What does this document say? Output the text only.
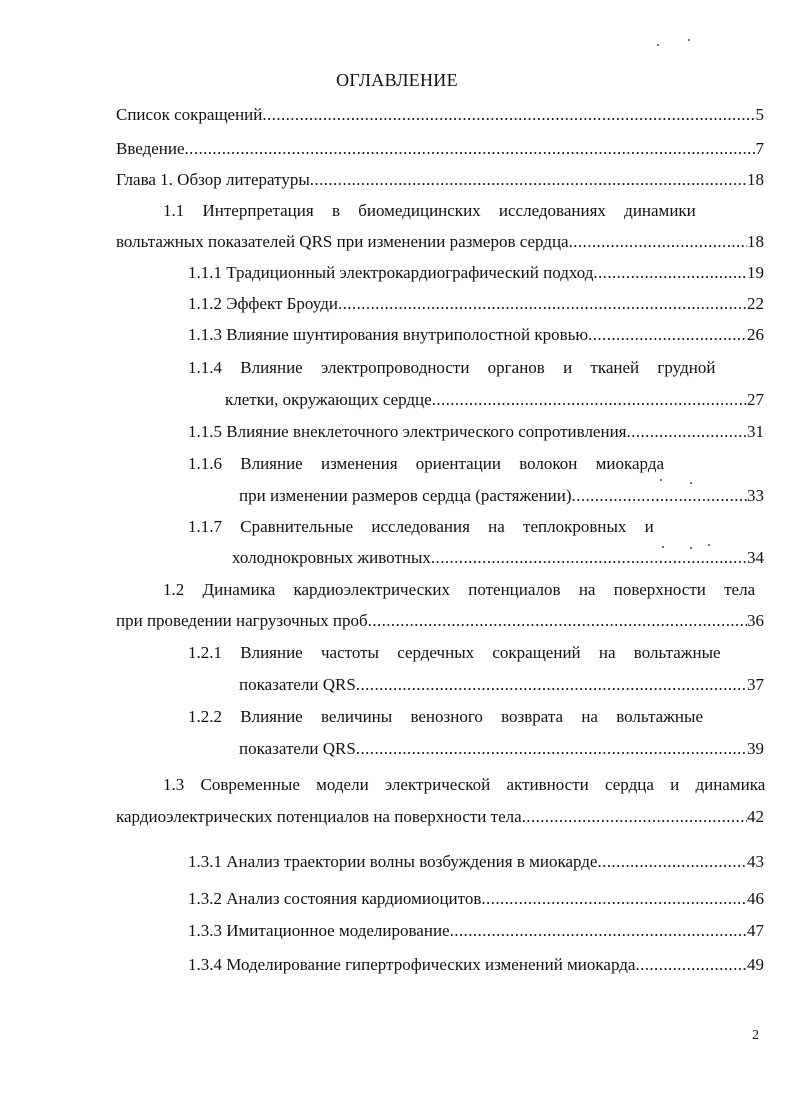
ОГЛАВЛЕНИЕ
Список сокращений .....	5
Введение .....	7
Глава 1. Обзор литературы .....	18
1.1 Интерпретация в биомедицинских исследованиях динамики
вольтажных показателей QRS при изменении размеров сердца .....	18
1.1.1 Традиционный электрокардиографический подход .....	19
1.1.2 Эффект Броуди .....	22
1.1.3 Влияние шунтирования внутриполостной кровью .....	26
1.1.4 Влияние электропроводности органов и тканей грудной
клетки, окружающих сердце .....	27
1.1.5 Влияние внеклеточного электрического сопротивления .....	31
1.1.6 Влияние изменения ориентации волокон миокарда
при изменении размеров сердца (растяжении) .....	33
1.1.7 Сравнительные исследования на теплокровных и
холоднокровных животных .....	34
1.2 Динамика кардиоэлектрических потенциалов на поверхности тела
при проведении нагрузочных проб .....	36
1.2.1 Влияние частоты сердечных сокращений на вольтажные
показатели QRS .....	37
1.2.2 Влияние величины венозного возврата на вольтажные
показатели QRS .....	39
1.3 Современные модели электрической активности сердца и динамика
кардиоэлектрических потенциалов на поверхности тела .....	42
1.3.1 Анализ траектории волны возбуждения в миокарде .....	43
1.3.2 Анализ состояния кардиомиоцитов .....	46
1.3.3 Имитационное моделирование .....	47
1.3.4 Моделирование гипертрофических изменений миокарда .....	49
2
